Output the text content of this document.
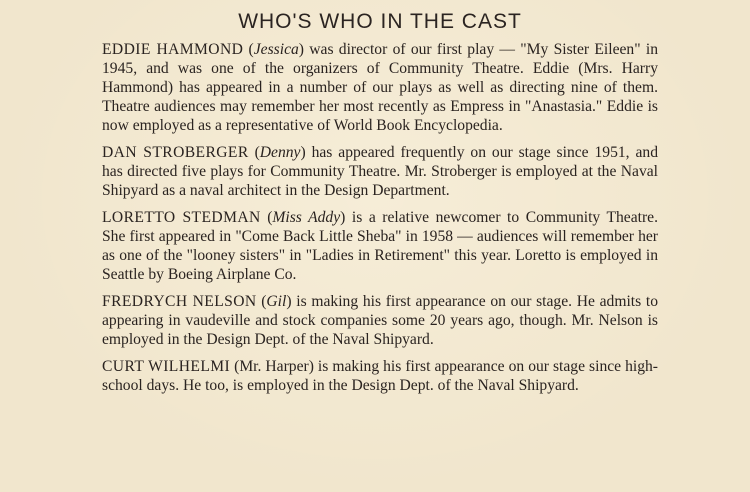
WHO'S WHO IN THE CAST

EDDIE HAMMOND (Jessica) was director of our first play — "My Sister Eileen" in 1945, and was one of the organizers of Community Theatre. Eddie (Mrs. Harry Hammond) has appeared in a number of our plays as well as directing nine of them. Theatre audiences may remember her most recently as Empress in "Anastasia." Eddie is now employed as a representative of World Book Encyclopedia.

DAN STROBERGER (Denny) has appeared frequently on our stage since 1951, and has directed five plays for Community Theatre. Mr. Stroberger is employed at the Naval Shipyard as a naval architect in the Design Department.

LORETTO STEDMAN (Miss Addy) is a relative newcomer to Community Theatre. She first appeared in "Come Back Little Sheba" in 1958 — audiences will remember her as one of the "looney sisters" in "Ladies in Retirement" this year. Loretto is employed in Seattle by Boeing Airplane Co.

FREDRYCH NELSON (Gil) is making his first appearance on our stage. He admits to appearing in vaudeville and stock companies some 20 years ago, though. Mr. Nelson is employed in the Design Dept. of the Naval Shipyard.

CURT WILHELMI (Mr. Harper) is making his first appearance on our stage since high-school days. He too, is employed in the Design Dept. of the Naval Shipyard.
